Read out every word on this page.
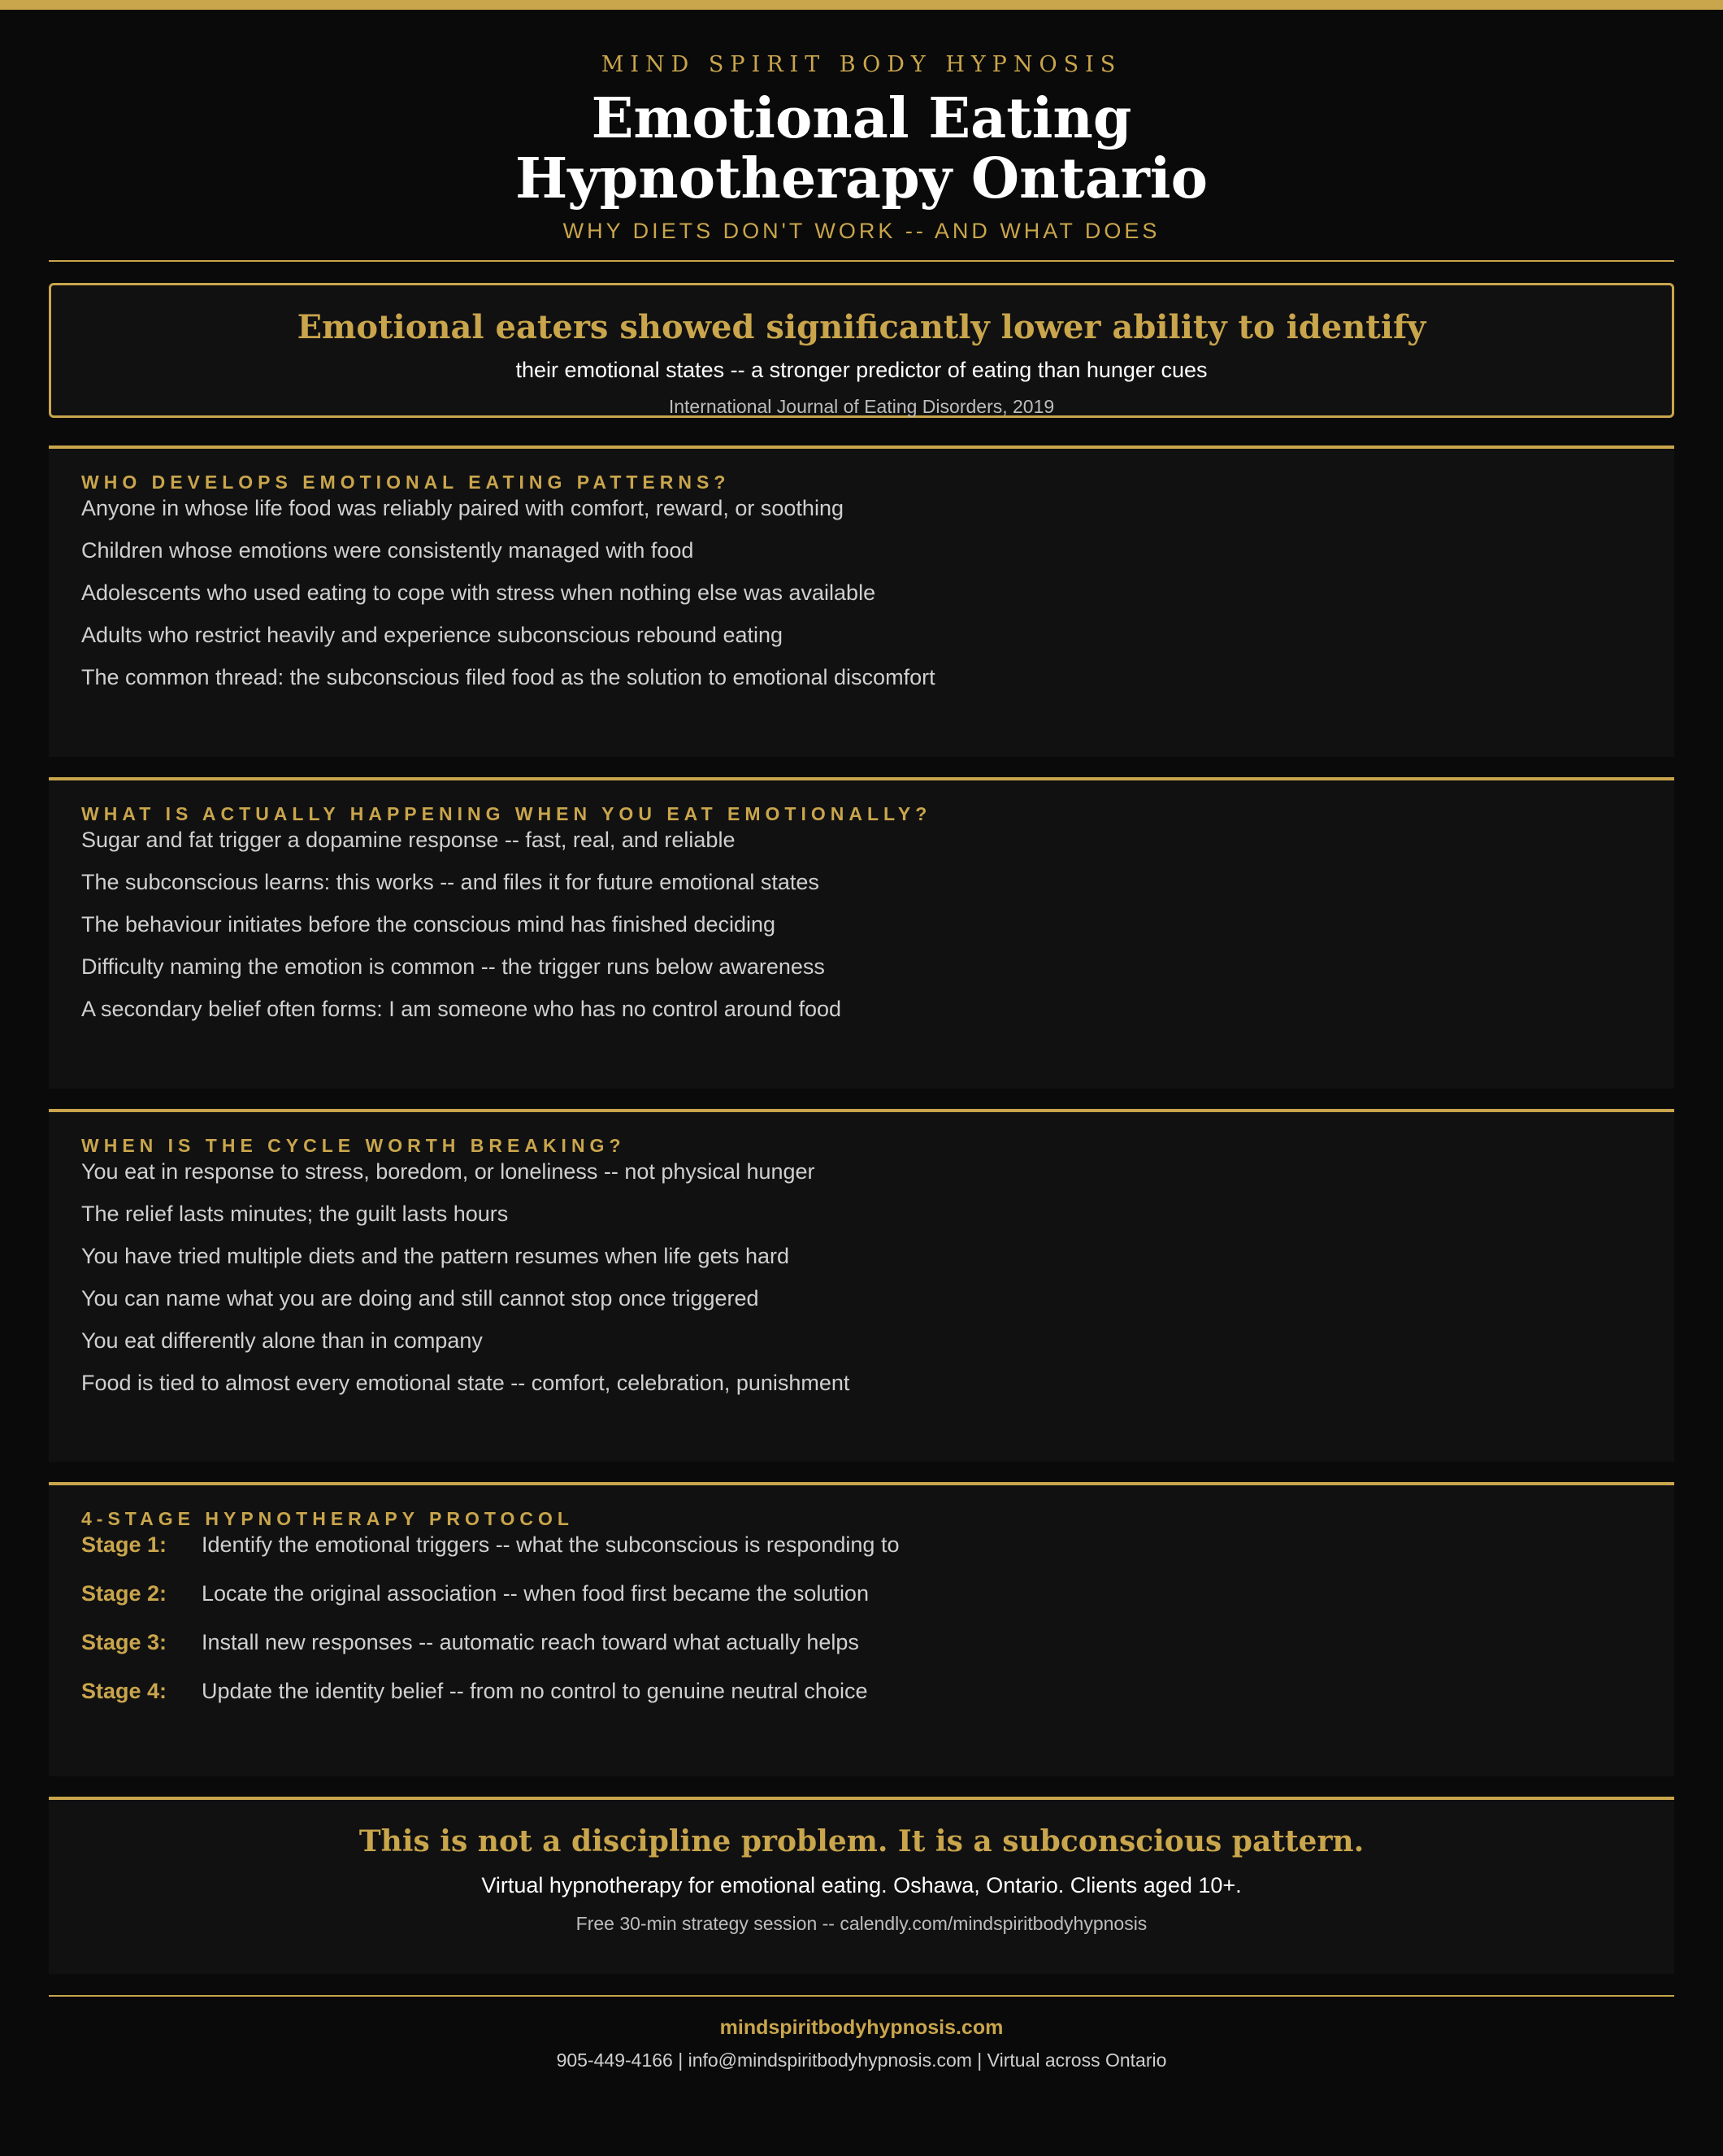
MIND SPIRIT BODY HYPNOSIS
Emotional Eating
Hypnotherapy Ontario
WHY DIETS DON'T WORK -- AND WHAT DOES
Emotional eaters showed significantly lower ability to identify
their emotional states -- a stronger predictor of eating than hunger cues
International Journal of Eating Disorders, 2019
WHO DEVELOPS EMOTIONAL EATING PATTERNS?
Anyone in whose life food was reliably paired with comfort, reward, or soothing
Children whose emotions were consistently managed with food
Adolescents who used eating to cope with stress when nothing else was available
Adults who restrict heavily and experience subconscious rebound eating
The common thread: the subconscious filed food as the solution to emotional discomfort
WHAT IS ACTUALLY HAPPENING WHEN YOU EAT EMOTIONALLY?
Sugar and fat trigger a dopamine response -- fast, real, and reliable
The subconscious learns: this works -- and files it for future emotional states
The behaviour initiates before the conscious mind has finished deciding
Difficulty naming the emotion is common -- the trigger runs below awareness
A secondary belief often forms: I am someone who has no control around food
WHEN IS THE CYCLE WORTH BREAKING?
You eat in response to stress, boredom, or loneliness -- not physical hunger
The relief lasts minutes; the guilt lasts hours
You have tried multiple diets and the pattern resumes when life gets hard
You can name what you are doing and still cannot stop once triggered
You eat differently alone than in company
Food is tied to almost every emotional state -- comfort, celebration, punishment
4-STAGE HYPNOTHERAPY PROTOCOL
Stage 1:	Identify the emotional triggers -- what the subconscious is responding to
Stage 2:	Locate the original association -- when food first became the solution
Stage 3:	Install new responses -- automatic reach toward what actually helps
Stage 4:	Update the identity belief -- from no control to genuine neutral choice
This is not a discipline problem. It is a subconscious pattern.
Virtual hypnotherapy for emotional eating. Oshawa, Ontario. Clients aged 10+.
Free 30-min strategy session -- calendly.com/mindspiritbodyhypnosis
mindspiritbodyhypnosis.com
905-449-4166 | info@mindspiritbodyhypnosis.com | Virtual across Ontario
